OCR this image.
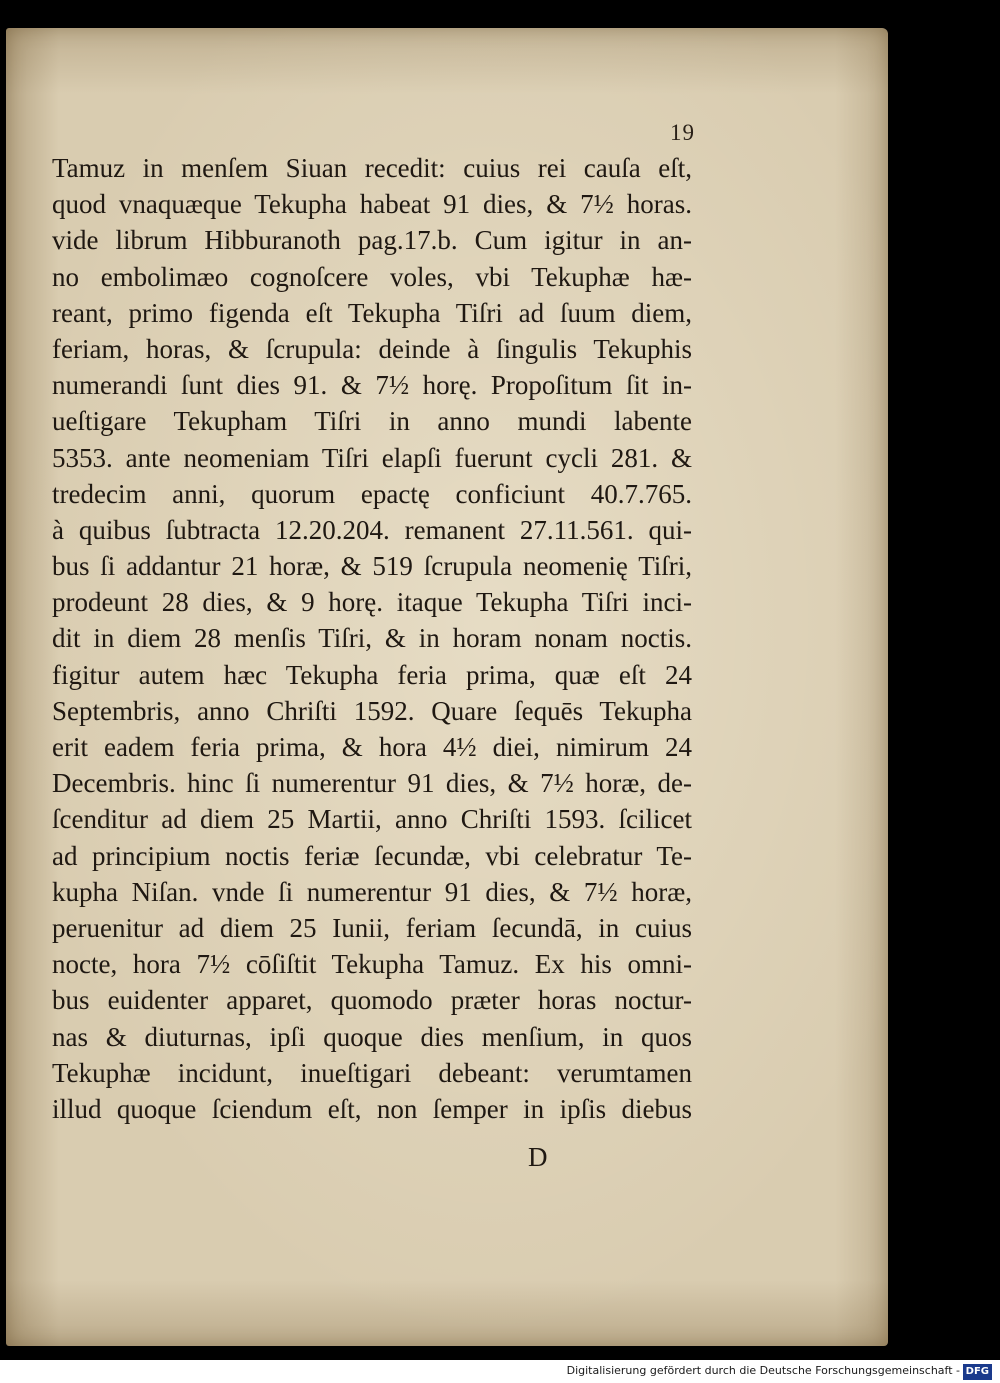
19
Tamuz in menſem Siuan recedit: cuius rei cauſa eſt,
quod vnaquæque Tekupha habeat 91 dies, & 7½ horas.
vide librum Hibburanoth pag.17.b. Cum igitur in an-
no embolimæo cognoſcere voles, vbi Tekuphæ hæ-
reant, primo figenda eſt Tekupha Tiſri ad ſuum diem,
feriam, horas, & ſcrupula: deinde à ſingulis Tekuphis
numerandi ſunt dies 91. & 7½ horę. Propoſitum ſit in-
ueſtigare Tekupham Tiſri in anno mundi labente
5353. ante neomeniam Tiſri elapſi fuerunt cycli 281. &
tredecim anni, quorum epactę conficiunt 40.7.765.
à quibus ſubtracta 12.20.204. remanent 27.11.561. qui-
bus ſi addantur 21 horæ, & 519 ſcrupula neomenię Tiſri,
prodeunt 28 dies, & 9 horę. itaque Tekupha Tiſri inci-
dit in diem 28 menſis Tiſri, & in horam nonam noctis.
figitur autem hæc Tekupha feria prima, quæ eſt 24
Septembris, anno Chriſti 1592. Quare ſequēs Tekupha
erit eadem feria prima, & hora 4½ diei, nimirum 24
Decembris. hinc ſi numerentur 91 dies, & 7½ horæ, de-
ſcenditur ad diem 25 Martii, anno Chriſti 1593. ſcilicet
ad principium noctis feriæ ſecundæ, vbi celebratur Te-
kupha Niſan. vnde ſi numerentur 91 dies, & 7½ horæ,
peruenitur ad diem 25 Iunii, feriam ſecundā, in cuius
nocte, hora 7½ cōſiſtit Tekupha Tamuz. Ex his omni-
bus euidenter apparet, quomodo præter horas noctur-
nas & diuturnas, ipſi quoque dies menſium, in quos
Tekuphæ incidunt, inueſtigari debeant: verumtamen
illud quoque ſciendum eſt, non ſemper in ipſis diebus
D
Digitalisierung gefördert durch die Deutsche Forschungsgemeinschaft - DFG
